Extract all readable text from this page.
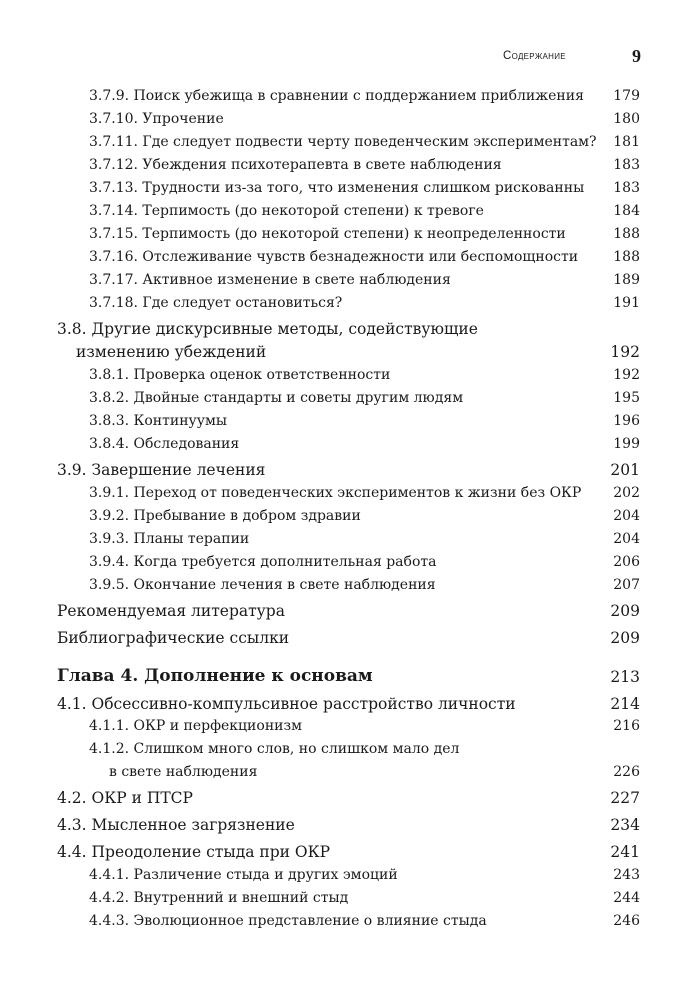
Содержание	9
3.7.9. Поиск убежища в сравнении с поддержанием приближения 179
3.7.10. Упрочение	180
3.7.11. Где следует подвести черту поведенческим экспериментам? 181
3.7.12. Убеждения психотерапевта в свете наблюдения	183
3.7.13. Трудности из-за того, что изменения слишком рискованны 183
3.7.14. Терпимость (до некоторой степени) к тревоге	184
3.7.15. Терпимость (до некоторой степени) к неопределенности	188
3.7.16. Отслеживание чувств безнадежности или беспомощности	188
3.7.17. Активное изменение в свете наблюдения	189
3.7.18. Где следует остановиться?	191
3.8. Другие дискурсивные методы, содействующие
изменению убеждений	192
3.8.1. Проверка оценок ответственности	192
3.8.2. Двойные стандарты и советы другим людям	195
3.8.3. Континуумы	196
3.8.4. Обследования	199
3.9. Завершение лечения	201
3.9.1. Переход от поведенческих экспериментов к жизни без ОКР 202
3.9.2. Пребывание в добром здравии	204
3.9.3. Планы терапии	204
3.9.4. Когда требуется дополнительная работа	206
3.9.5. Окончание лечения в свете наблюдения	207
Рекомендуемая литература	209
Библиографические ссылки	209
Глава 4. Дополнение к основам	213
4.1. Обсессивно-компульсивное расстройство личности	214
4.1.1. ОКР и перфекционизм	216
4.1.2. Слишком много слов, но слишком мало дел
в свете наблюдения	226
4.2. ОКР и ПТСР	227
4.3. Мысленное загрязнение	234
4.4. Преодоление стыда при ОКР	241
4.4.1. Различение стыда и других эмоций	243
4.4.2. Внутренний и внешний стыд	244
4.4.3. Эволюционное представление о влияние стыда	246
